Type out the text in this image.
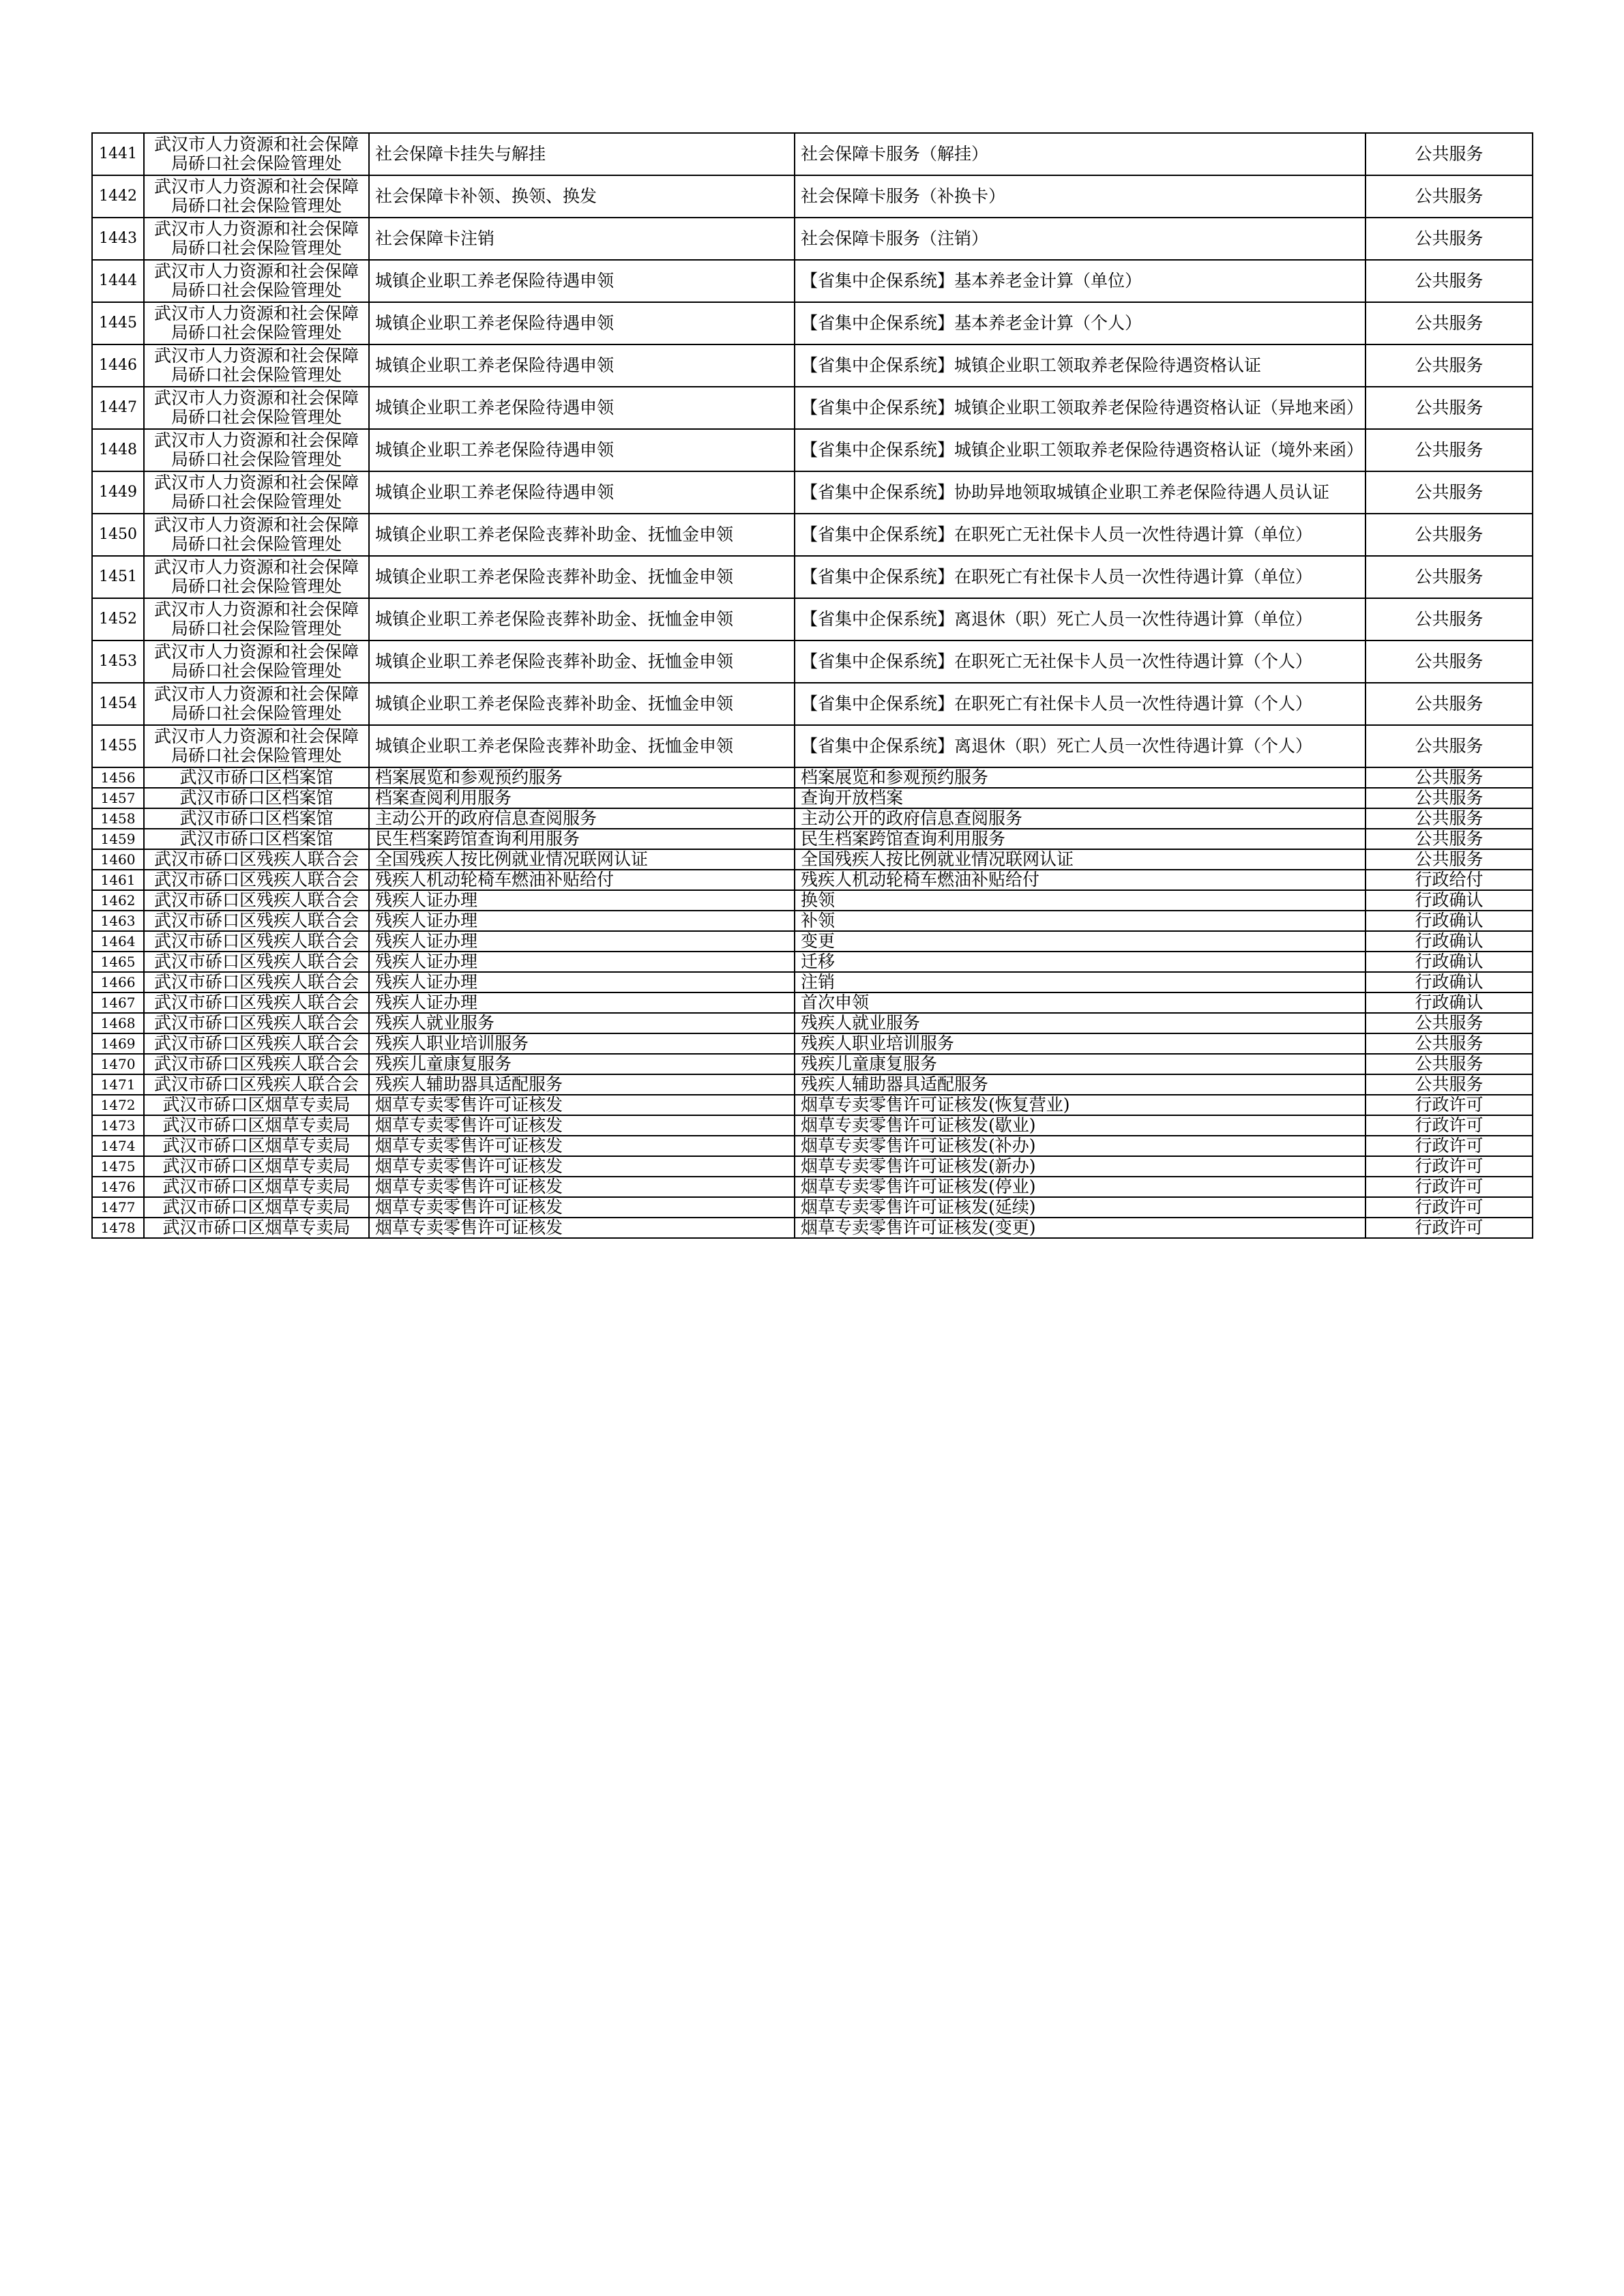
1441	武汉市人力资源和社会保障局硚口社会保险管理处	社会保障卡挂失与解挂	社会保障卡服务（解挂）	公共服务
1442	武汉市人力资源和社会保障局硚口社会保险管理处	社会保障卡补领、换领、换发	社会保障卡服务（补换卡）	公共服务
1443	武汉市人力资源和社会保障局硚口社会保险管理处	社会保障卡注销	社会保障卡服务（注销）	公共服务
1444	武汉市人力资源和社会保障局硚口社会保险管理处	城镇企业职工养老保险待遇申领	【省集中企保系统】基本养老金计算（单位）	公共服务
1445	武汉市人力资源和社会保障局硚口社会保险管理处	城镇企业职工养老保险待遇申领	【省集中企保系统】基本养老金计算（个人）	公共服务
1446	武汉市人力资源和社会保障局硚口社会保险管理处	城镇企业职工养老保险待遇申领	【省集中企保系统】城镇企业职工领取养老保险待遇资格认证	公共服务
1447	武汉市人力资源和社会保障局硚口社会保险管理处	城镇企业职工养老保险待遇申领	【省集中企保系统】城镇企业职工领取养老保险待遇资格认证（异地来函）	公共服务
1448	武汉市人力资源和社会保障局硚口社会保险管理处	城镇企业职工养老保险待遇申领	【省集中企保系统】城镇企业职工领取养老保险待遇资格认证（境外来函）	公共服务
1449	武汉市人力资源和社会保障局硚口社会保险管理处	城镇企业职工养老保险待遇申领	【省集中企保系统】协助异地领取城镇企业职工养老保险待遇人员认证	公共服务
1450	武汉市人力资源和社会保障局硚口社会保险管理处	城镇企业职工养老保险丧葬补助金、抚恤金申领	【省集中企保系统】在职死亡无社保卡人员一次性待遇计算（单位）	公共服务
1451	武汉市人力资源和社会保障局硚口社会保险管理处	城镇企业职工养老保险丧葬补助金、抚恤金申领	【省集中企保系统】在职死亡有社保卡人员一次性待遇计算（单位）	公共服务
1452	武汉市人力资源和社会保障局硚口社会保险管理处	城镇企业职工养老保险丧葬补助金、抚恤金申领	【省集中企保系统】离退休（职）死亡人员一次性待遇计算（单位）	公共服务
1453	武汉市人力资源和社会保障局硚口社会保险管理处	城镇企业职工养老保险丧葬补助金、抚恤金申领	【省集中企保系统】在职死亡无社保卡人员一次性待遇计算（个人）	公共服务
1454	武汉市人力资源和社会保障局硚口社会保险管理处	城镇企业职工养老保险丧葬补助金、抚恤金申领	【省集中企保系统】在职死亡有社保卡人员一次性待遇计算（个人）	公共服务
1455	武汉市人力资源和社会保障局硚口社会保险管理处	城镇企业职工养老保险丧葬补助金、抚恤金申领	【省集中企保系统】离退休（职）死亡人员一次性待遇计算（个人）	公共服务
1456	武汉市硚口区档案馆	档案展览和参观预约服务	档案展览和参观预约服务	公共服务
1457	武汉市硚口区档案馆	档案查阅利用服务	查询开放档案	公共服务
1458	武汉市硚口区档案馆	主动公开的政府信息查阅服务	主动公开的政府信息查阅服务	公共服务
1459	武汉市硚口区档案馆	民生档案跨馆查询利用服务	民生档案跨馆查询利用服务	公共服务
1460	武汉市硚口区残疾人联合会	全国残疾人按比例就业情况联网认证	全国残疾人按比例就业情况联网认证	公共服务
1461	武汉市硚口区残疾人联合会	残疾人机动轮椅车燃油补贴给付	残疾人机动轮椅车燃油补贴给付	行政给付
1462	武汉市硚口区残疾人联合会	残疾人证办理	换领	行政确认
1463	武汉市硚口区残疾人联合会	残疾人证办理	补领	行政确认
1464	武汉市硚口区残疾人联合会	残疾人证办理	变更	行政确认
1465	武汉市硚口区残疾人联合会	残疾人证办理	迁移	行政确认
1466	武汉市硚口区残疾人联合会	残疾人证办理	注销	行政确认
1467	武汉市硚口区残疾人联合会	残疾人证办理	首次申领	行政确认
1468	武汉市硚口区残疾人联合会	残疾人就业服务	残疾人就业服务	公共服务
1469	武汉市硚口区残疾人联合会	残疾人职业培训服务	残疾人职业培训服务	公共服务
1470	武汉市硚口区残疾人联合会	残疾儿童康复服务	残疾儿童康复服务	公共服务
1471	武汉市硚口区残疾人联合会	残疾人辅助器具适配服务	残疾人辅助器具适配服务	公共服务
1472	武汉市硚口区烟草专卖局	烟草专卖零售许可证核发	烟草专卖零售许可证核发(恢复营业)	行政许可
1473	武汉市硚口区烟草专卖局	烟草专卖零售许可证核发	烟草专卖零售许可证核发(歇业)	行政许可
1474	武汉市硚口区烟草专卖局	烟草专卖零售许可证核发	烟草专卖零售许可证核发(补办)	行政许可
1475	武汉市硚口区烟草专卖局	烟草专卖零售许可证核发	烟草专卖零售许可证核发(新办)	行政许可
1476	武汉市硚口区烟草专卖局	烟草专卖零售许可证核发	烟草专卖零售许可证核发(停业)	行政许可
1477	武汉市硚口区烟草专卖局	烟草专卖零售许可证核发	烟草专卖零售许可证核发(延续)	行政许可
1478	武汉市硚口区烟草专卖局	烟草专卖零售许可证核发	烟草专卖零售许可证核发(变更)	行政许可
